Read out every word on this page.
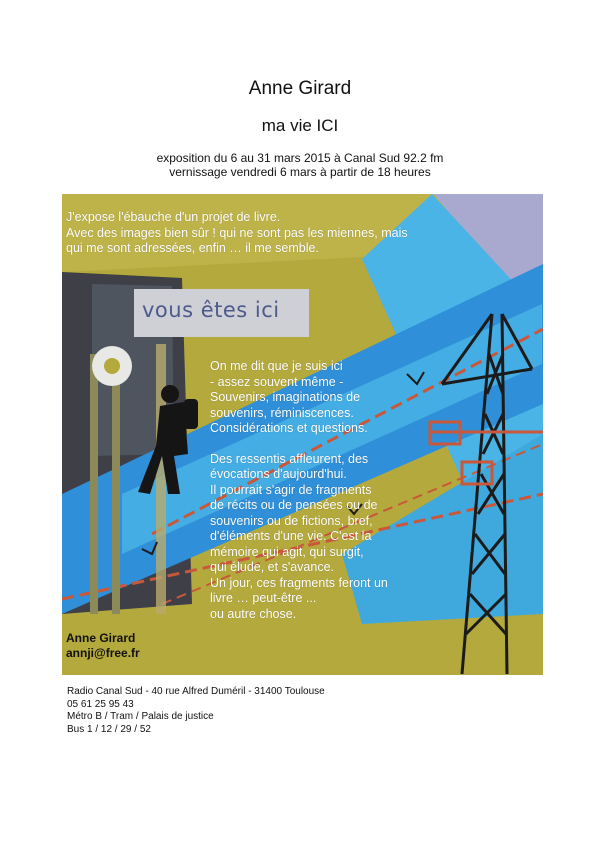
Anne Girard
ma vie ICI
exposition du 6 au 31 mars 2015 à Canal Sud 92.2 fm
vernissage vendredi 6 mars à partir de 18 heures
vous êtes ici
J'expose l'ébauche d'un projet de livre.
Avec des images bien sûr ! qui ne sont pas les miennes, mais
qui me sont adressées, enfin … il me semble.

On me dit que je suis ici

- assez souvent même -

Souvenirs, imaginations de

souvenirs, réminiscences.

Considérations et questions.

Des ressentis affleurent, des

évocations d'aujourd'hui.

Il pourrait s'agir de fragments

de récits ou de pensées ou de

souvenirs ou de fictions, bref,

d'éléments d'une vie. C'est la

mémoire qui agit, qui surgit,

qui élude, et s'avance.

Un jour, ces fragments feront un

livre … peut-être ...

ou autre chose.

Anne Girard
annji@free.fr
Radio Canal Sud - 40 rue Alfred Duméril - 31400 Toulouse
05 61 25 95 43
Métro B / Tram / Palais de justice
Bus 1 / 12 / 29 / 52
